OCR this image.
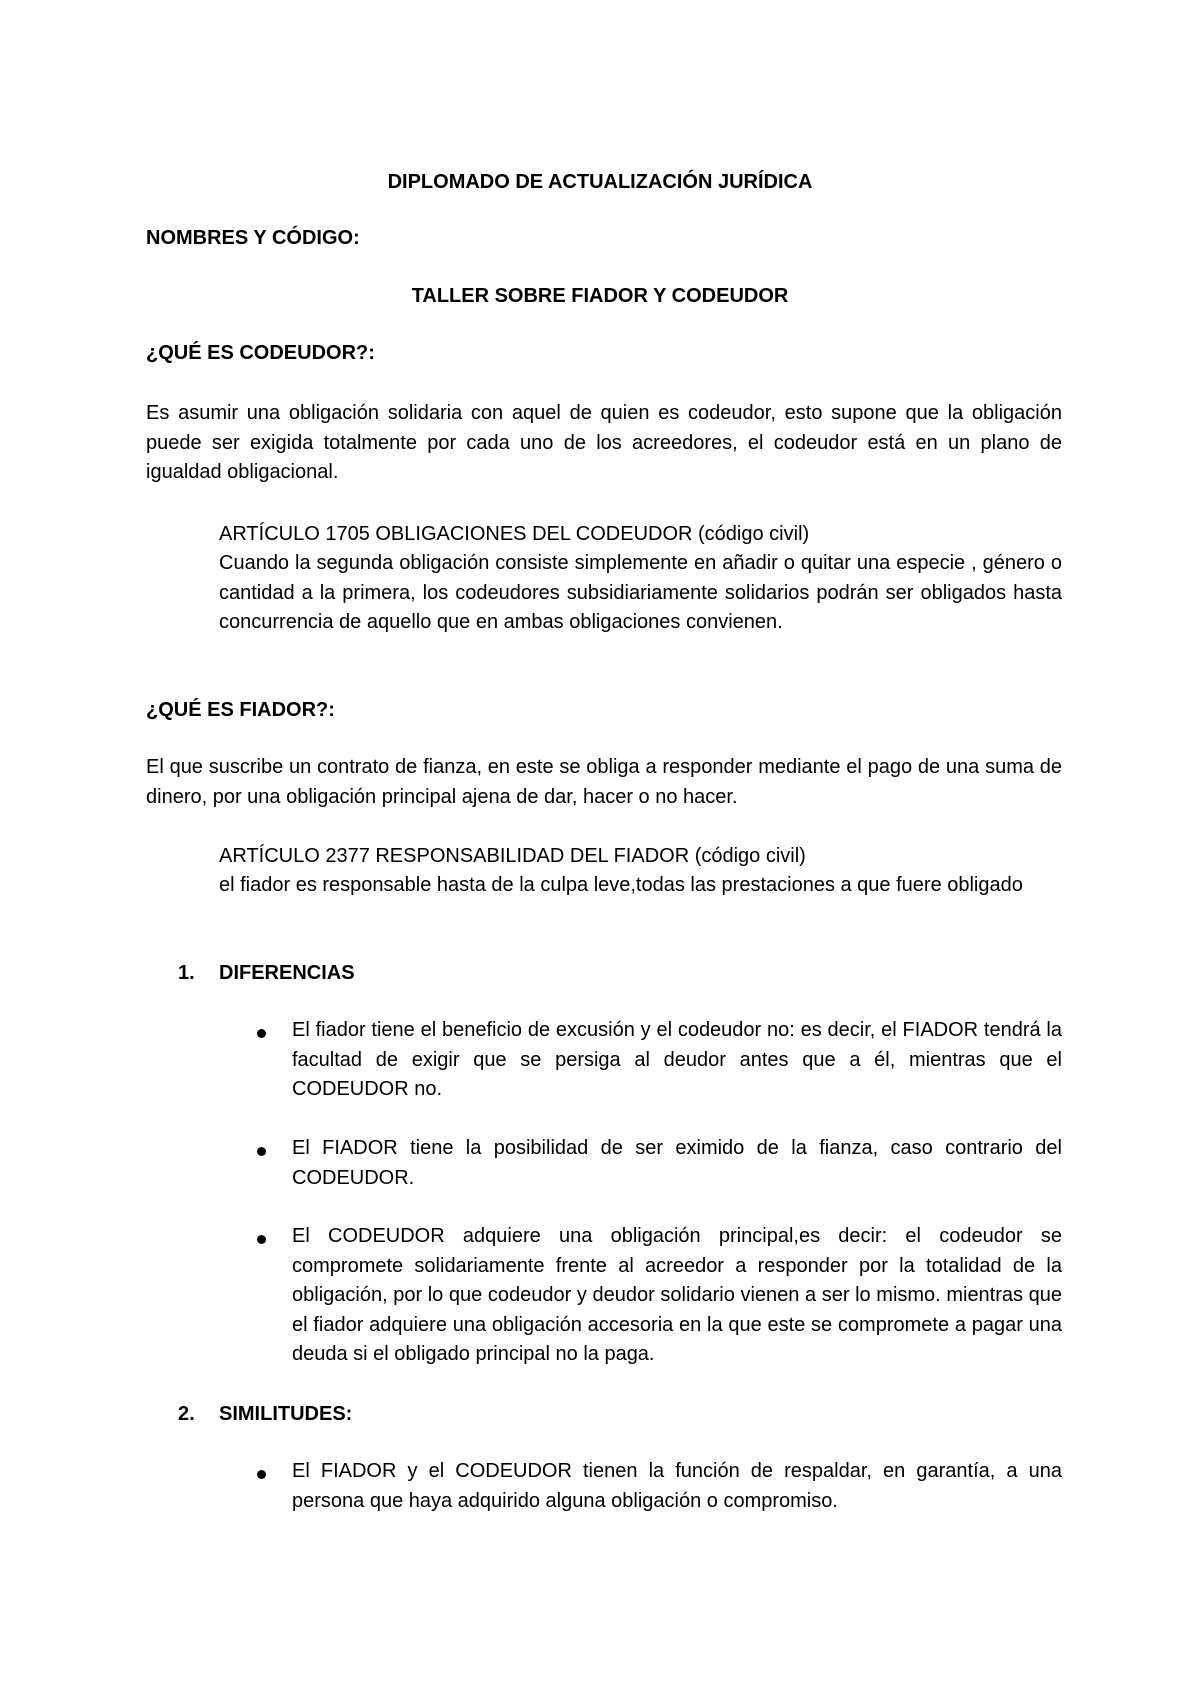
DIPLOMADO DE ACTUALIZACIÓN JURÍDICA
NOMBRES Y CÓDIGO:
TALLER SOBRE FIADOR Y CODEUDOR
¿QUÉ ES CODEUDOR?:
Es asumir una obligación solidaria con aquel de quien es codeudor, esto supone que la obligación puede ser exigida totalmente por cada uno de los acreedores, el codeudor está en un plano de igualdad obligacional.
ARTÍCULO 1705 OBLIGACIONES DEL CODEUDOR (código civil)
Cuando la segunda obligación consiste simplemente en añadir o quitar una especie , género o cantidad a la primera, los codeudores subsidiariamente solidarios podrán ser obligados hasta concurrencia de aquello que en ambas obligaciones convienen.
¿QUÉ ES FIADOR?:
El que suscribe un contrato de fianza, en este se obliga a responder mediante el pago de una suma de dinero, por una obligación principal ajena de dar, hacer o no hacer.
ARTÍCULO 2377 RESPONSABILIDAD DEL FIADOR (código civil)
el fiador es responsable hasta de la culpa leve,todas las prestaciones a que fuere obligado
1. DIFERENCIAS
El fiador tiene el beneficio de excusión y el codeudor no: es decir, el FIADOR tendrá la facultad de exigir que se persiga al deudor antes que a él, mientras que el CODEUDOR no.
El FIADOR tiene la posibilidad de ser eximido de la fianza, caso contrario del CODEUDOR.
El CODEUDOR adquiere una obligación principal,es decir: el codeudor se compromete solidariamente frente al acreedor a responder por la totalidad de la obligación, por lo que codeudor y deudor solidario vienen a ser lo mismo. mientras que el fiador adquiere una obligación accesoria en la que este se compromete a pagar una deuda si el obligado principal no la paga.
2. SIMILITUDES:
El FIADOR y el CODEUDOR tienen la función de respaldar, en garantía, a una persona que haya adquirido alguna obligación o compromiso.
